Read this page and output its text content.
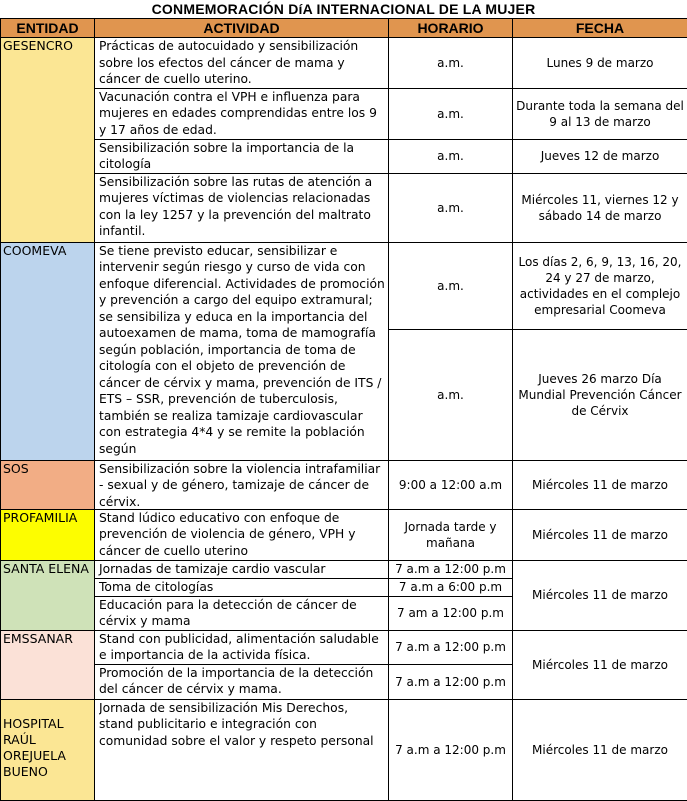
CONMEMORACIÓN DíA INTERNACIONAL DE LA MUJER
ENTIDAD	ACTIVIDAD	HORARIO	FECHA
GESENCRO	Prácticas de autocuidado y sensibilización sobre los efectos del cáncer de mama y cáncer de cuello uterino.	a.m.	Lunes 9 de marzo
	Vacunación contra el VPH e influenza para mujeres en edades comprendidas entre los 9 y 17 años de edad.	a.m.	Durante toda la semana del 9 al 13 de marzo
	Sensibilización sobre la importancia de la citología	a.m.	Jueves 12 de marzo
	Sensibilización sobre las rutas de atención a mujeres víctimas de violencias relacionadas con la ley 1257 y la prevención del maltrato infantil.	a.m.	Miércoles 11, viernes 12 y sábado 14 de marzo
COOMEVA	Se tiene previsto educar, sensibilizar e intervenir según riesgo y curso de vida con enfoque diferencial. Actividades de promoción y prevención a cargo del equipo extramural; se sensibiliza y educa en la importancia del autoexamen de mama, toma de mamografía según población, importancia de toma de citología con el objeto de prevención de cáncer de cérvix y mama, prevención de ITS / ETS – SSR, prevención de tuberculosis, también se realiza tamizaje cardiovascular con estrategia 4*4 y se remite la población según	a.m.	Los días 2, 6, 9, 13, 16, 20, 24 y 27 de marzo, actividades en el complejo empresarial Coomeva
		a.m.	Jueves 26 marzo Día Mundial Prevención Cáncer de Cérvix
SOS	Sensibilización sobre la violencia intrafamiliar - sexual y de género, tamizaje de cáncer de cérvix.	9:00 a 12:00 a.m	Miércoles 11 de marzo
PROFAMILIA	Stand lúdico educativo con enfoque de prevención de violencia de género, VPH y cáncer de cuello uterino	Jornada tarde y mañana	Miércoles 11 de marzo
SANTA ELENA	Jornadas de tamizaje cardio vascular	7 a.m a 12:00 p.m	Miércoles 11 de marzo
	Toma de citologías	7 a.m a 6:00 p.m	

	Educación para la detección de cáncer de cérvix y mama	7 am a 12:00 p.m	
EMSSANAR	Stand con publicidad, alimentación saludable e importancia de la activida física.	7 a.m a 12:00 p.m	Miércoles 11 de marzo

	Promoción de la importancia de la detección del cáncer de cérvix y mama.	7 a.m a 12:00 p.m	

HOSPITAL RAÚL OREJUELA BUENO	Jornada de sensibilización Mis Derechos, stand publicitario e integración con comunidad sobre el valor y respeto personal	7 a.m a 12:00 p.m	Miércoles 11 de marzo
